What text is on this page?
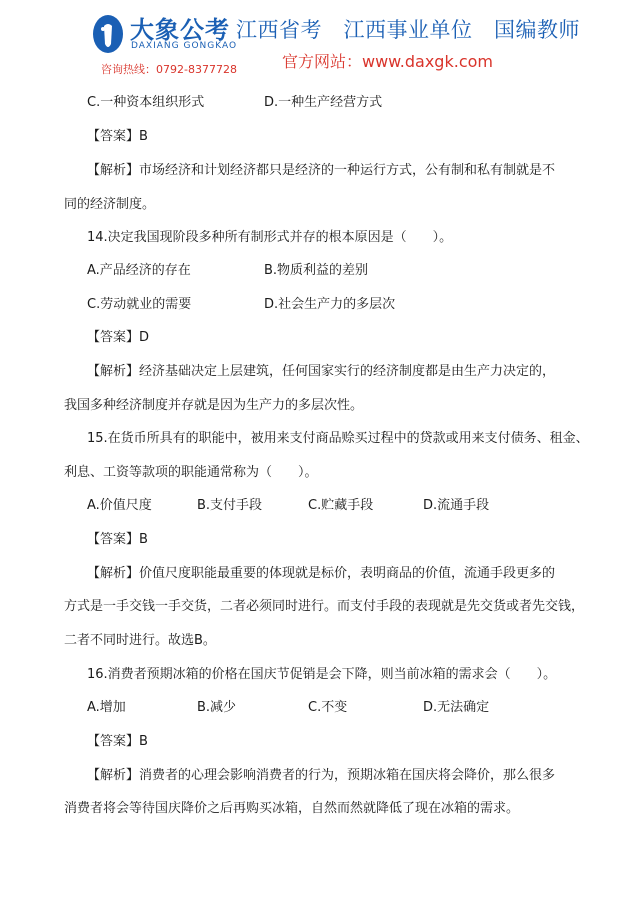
大象公考
DAXIANG GONGKAO
江西省考　江西事业单位　国编教师
咨询热线：0792-8377728	官方网站：www.daxgk.com
C.一种资本组织形式	D.一种生产经营方式
【答案】B
【解析】市场经济和计划经济都只是经济的一种运行方式，公有制和私有制就是不
同的经济制度。
14.决定我国现阶段多种所有制形式并存的根本原因是（　　）。
A.产品经济的存在	B.物质利益的差别
C.劳动就业的需要	D.社会生产力的多层次
【答案】D
【解析】经济基础决定上层建筑，任何国家实行的经济制度都是由生产力决定的，
我国多种经济制度并存就是因为生产力的多层次性。
15.在货币所具有的职能中，被用来支付商品赊买过程中的贷款或用来支付债务、租金、
利息、工资等款项的职能通常称为（　　）。
A.价值尺度	B.支付手段	C.贮藏手段	D.流通手段
【答案】B
【解析】价值尺度职能最重要的体现就是标价，表明商品的价值，流通手段更多的
方式是一手交钱一手交货，二者必须同时进行。而支付手段的表现就是先交货或者先交钱，
二者不同时进行。故选B。
16.消费者预期冰箱的价格在国庆节促销是会下降，则当前冰箱的需求会（　　）。
A.增加	B.减少	C.不变	D.无法确定
【答案】B
【解析】消费者的心理会影响消费者的行为，预期冰箱在国庆将会降价，那么很多
消费者将会等待国庆降价之后再购买冰箱，自然而然就降低了现在冰箱的需求。
